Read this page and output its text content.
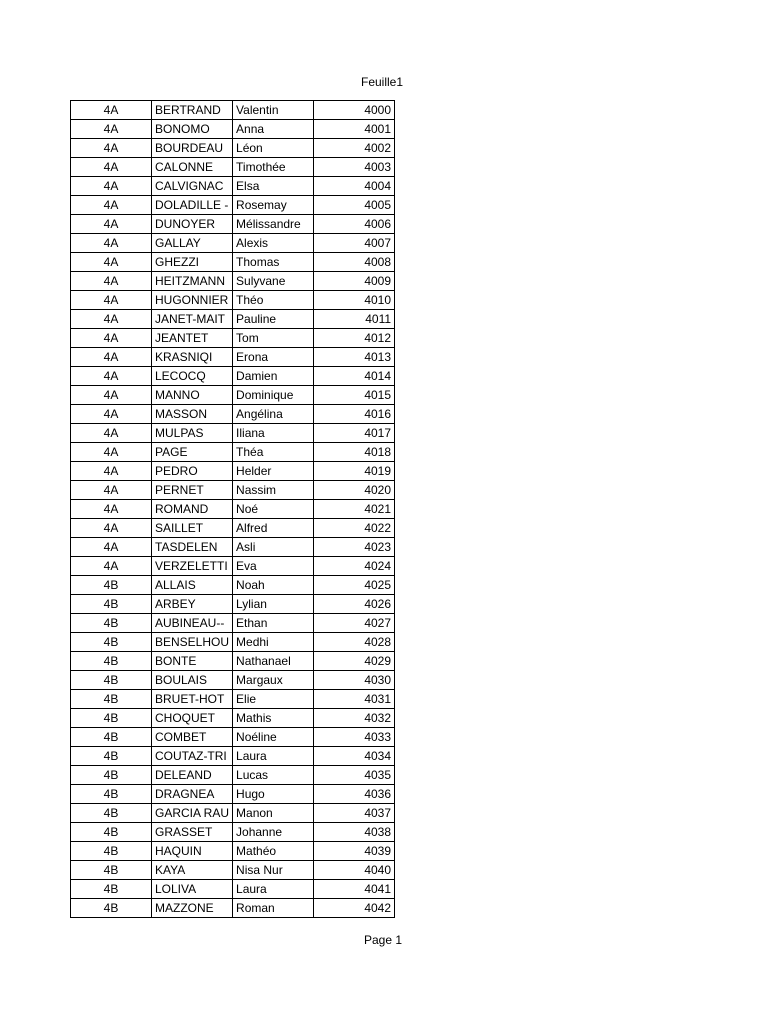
Feuille1
4A	BERTRAND	Valentin	4000
4A	BONOMO	Anna	4001
4A	BOURDEAU	Léon	4002
4A	CALONNE	Timothée	4003
4A	CALVIGNAC	Elsa	4004
4A	DOLADILLE -	Rosemay	4005
4A	DUNOYER	Mélissandre	4006
4A	GALLAY	Alexis	4007
4A	GHEZZI	Thomas	4008
4A	HEITZMANN	Sulyvane	4009
4A	HUGONNIER	Théo	4010
4A	JANET-MAIT	Pauline	4011
4A	JEANTET	Tom	4012
4A	KRASNIQI	Erona	4013
4A	LECOCQ	Damien	4014
4A	MANNO	Dominique	4015
4A	MASSON	Angélina	4016
4A	MULPAS	Iliana	4017
4A	PAGE	Théa	4018
4A	PEDRO	Helder	4019
4A	PERNET	Nassim	4020
4A	ROMAND	Noé	4021
4A	SAILLET	Alfred	4022
4A	TASDELEN	Asli	4023
4A	VERZELETTI	Eva	4024
4B	ALLAIS	Noah	4025
4B	ARBEY	Lylian	4026
4B	AUBINEAU--	Ethan	4027
4B	BENSELHOU	Medhi	4028
4B	BONTE	Nathanael	4029
4B	BOULAIS	Margaux	4030
4B	BRUET-HOT	Elie	4031
4B	CHOQUET	Mathis	4032
4B	COMBET	Noéline	4033
4B	COUTAZ-TRI	Laura	4034
4B	DELEAND	Lucas	4035
4B	DRAGNEA	Hugo	4036
4B	GARCIA RAU	Manon	4037
4B	GRASSET	Johanne	4038
4B	HAQUIN	Mathéo	4039
4B	KAYA	Nisa Nur	4040
4B	LOLIVA	Laura	4041
4B	MAZZONE	Roman	4042
Page 1
